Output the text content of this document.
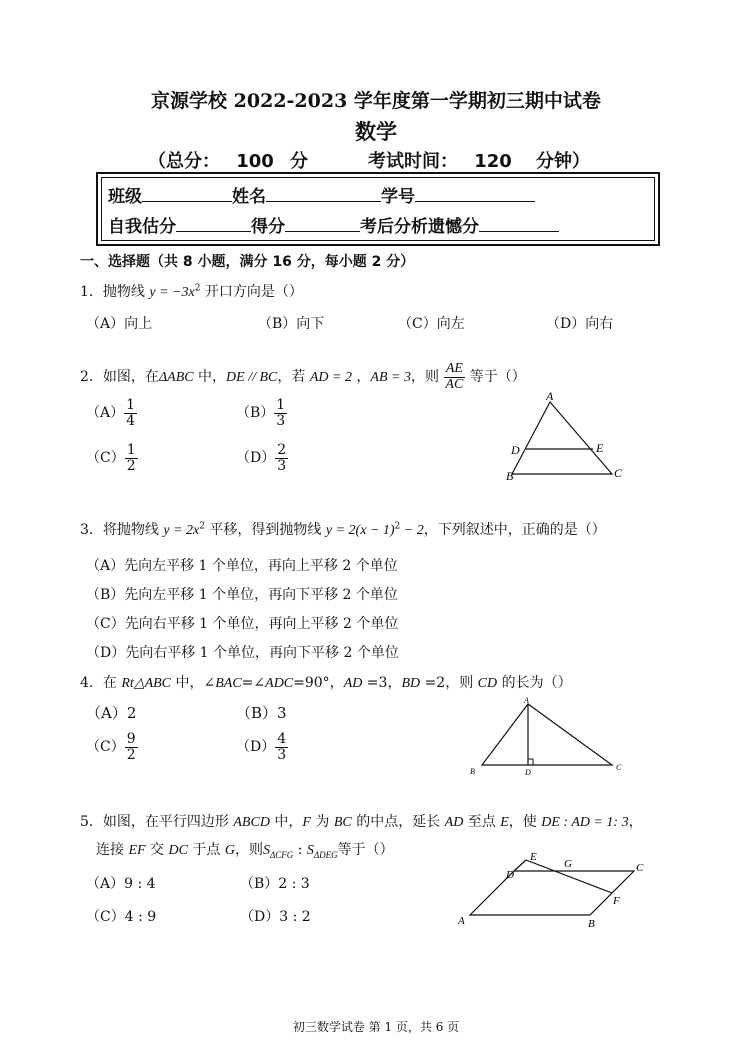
京源学校 2022-2023 学年度第一学期初三期中试卷
数学
（总分： 100 分	考试时间： 120 分钟）
班级	姓名	学号
自我估分	得分	考后分析遗憾分
一、选择题（共 8 小题，满分 16 分，每小题 2 分）
1．抛物线 $y = -3x^2$ 开口方向是（）
（A）向上	（B）向下	（C）向左	（D）向右
2．如图，在ΔABC 中，DE // BC，若 AD = 2 ，AB = 3，则 $\frac{AE}{AC}$ 等于（）
$(A) \frac{1}{4}$	$(B) \frac{1}{3}$
$(C) \frac{1}{2}$	$(D) \frac{2}{3}$
A
D	E
B	C
3．将抛物线 $y = 2x^2$ 平移，得到抛物线 $y = 2(x - 1)^2 - 2$，下列叙述中，正确的是（）
（A）先向左平移 1 个单位，再向上平移 2 个单位
（B）先向左平移 1 个单位，再向下平移 2 个单位
（C）先向右平移 1 个单位，再向上平移 2 个单位
（D）先向右平移 1 个单位，再向下平移 2 个单位
4．在 Rt△ABC 中，∠BAC=∠ADC=90°，AD =3，BD =2，则 CD 的长为（）
（A）2	（B）3
$(C) \frac{9}{2}$	$(D) \frac{4}{3}$
A
B	D
C
5．如图，在平行四边形 ABCD 中，F 为 BC 的中点，延长 AD 至点 E，使 DE : AD = 1: 3，
连接 EF 交 DC 于点 G，则$S_{\Delta CFG}$ : $S_{\Delta DEG}$等于（）
（A）9 : 4	（B）2 : 3
（C）4 : 9	（D）3 : 2	A	B
C
D
E
F
G
初三数学试卷 第 1 页，共 6 页
